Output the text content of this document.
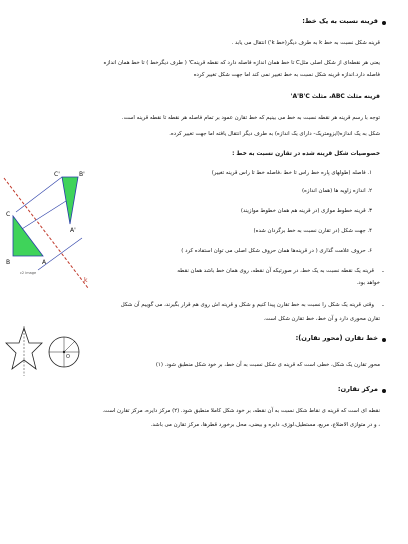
قرینه نسبت به یک خط:
قرینه شکل نسبت به خط k به طرف دیگر(خط k') انتقال می یابد .
یعنی هر نقطه‌ای از شکل اصلی مثلC تا خط همان اندازه فاصله دارد که نقطه قرینهC' ( طرف دیگرخط ) تا خط همان اندازه
فاصله دارد.اندازه قرینه شکل نسبت به خط تغییر نمی کند اما جهت شکل تغییر کرده
قرینه مثلث ABC، مثلث A'B'C'
توجه با رسم قرینه هر نقطه نسبت به خط می بینیم که خط تقارن عمود بر تمام فاصله هر نقطه تا نقطه قرینه است.
شکل به یک اندازه(ایزومتریک- دارای یک اندازه) به طرف دیگر انتقال یافته اما جهت تغییر کرده.
خصوصیات شکل قرینه شده در تقارن نسبت به خط :
١. فاصله (طولهای پاره خط راس تا خط ،فاصله خط تا راس قرینه تغییر)
٢. اندازه زاویه ها (همان اندازه)
٣. قرینه خطوط موازی (در قرینه هم همان خطوط موازیند)
۴. جهت شکل (در تقارن نسبت به خط برگردان شده)
۶. حروف علامت گذاری ( در قرینه‌ها همان حروف شکل اصلی می توان استفاده کرد )
قرینه یک نقطه نسبت به یک خط، در صورتیکه آن نقطه، روی همان خط باشد همان نقطه -
خواهد بود.
وقتی قرینه یک شکل را نسبت به خط تقارن پیدا کنیم و شکل و قرینه اش روی هم قرار بگیرند، می گوییم آن شکل -
تقارن محوری دارد و آن خط، خط تقارن شکل است.
C
B	A
C'	B'
A'
k
c2 image
خط تقارن (محور تقارن):
محور تقارن یک شکل، خطی است که قرینه ی شکل نسبت به آن خط، بر خود شکل منطبق شود. (١)
مرکز تقارن:
نقطه ای است که قرینه ی نقاط شکل نسبت به آن نقطه، بر خود شکل کاملا منطبق شود. (٢) مرکز دایره، مرکز تقارن است.
، و در متوازی الاضلاع، مربع، مستطیل،لوزی، دایره و بیضی، محل برخورد قطرها، مرکز تقارن می باشد.
O
